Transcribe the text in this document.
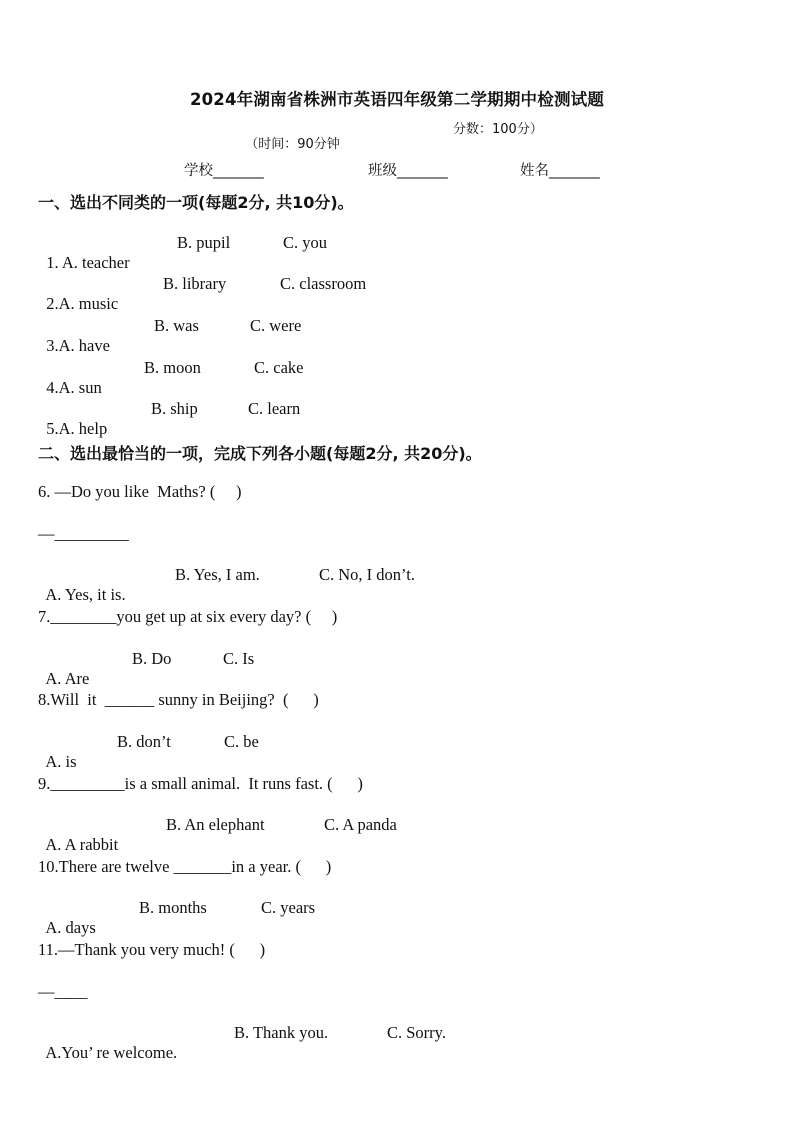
2024年湖南省株洲市英语四年级第二学期期中检测试题

（时间：90分钟

分数：100分）

学校_______	班级_______	姓名_______
一、选出不同类的一项(每题2分, 共10分)。

1. A. teacher

B. pupil

	C. you

2.A. music

B. library

	C. classroom

3.A. have

B. was

	C. were

4.A. sun

B. moon

	C. cake

5.A. help

B. ship

	C. learn

二、选出最恰当的一项，完成下列各小题(每题2分, 共20分)。
6. —Do you like  Maths? (     )
—_________

A. Yes, it is.

B. Yes, I am.

	C. No, I don’t.

7.________you get up at six every day? (     )

A. Are

B. Do

	C. Is

8.Will  it  ______ sunny in Beijing?  (      )

A. is

B. don’t

	C. be

9._________is a small animal.  It runs fast. (      )

A. A rabbit

B. An elephant

	C. A panda

10.There are twelve _______in a year. (      )

A. days

B. months

	C. years

11.—Thank you very much! (      )
—____

A.You’ re welcome.

B. Thank you.

	C. Sorry.
